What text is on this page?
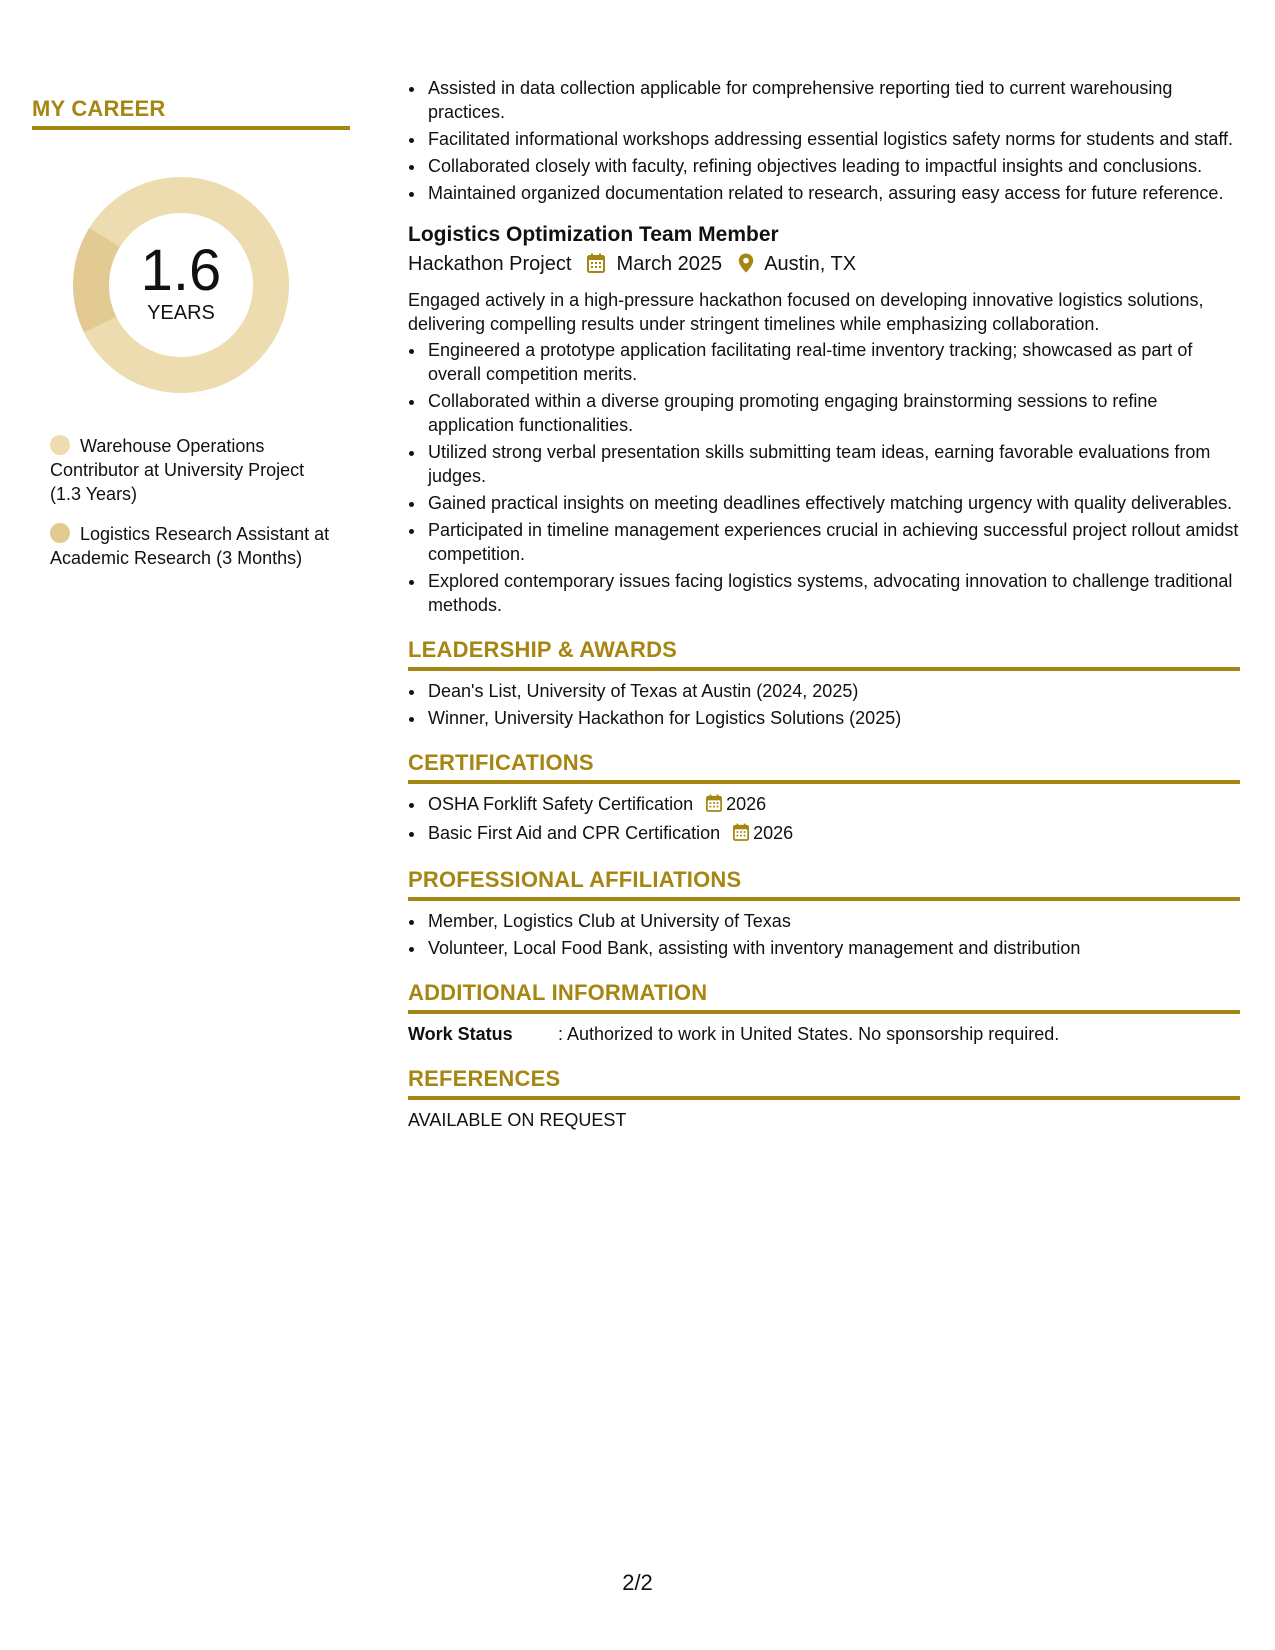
MY CAREER
1.6
YEARS
Warehouse Operations Contributor at University Project (1.3 Years)
Logistics Research Assistant at Academic Research (3 Months)
• Assisted in data collection applicable for comprehensive reporting tied to current warehousing practices.
• Facilitated informational workshops addressing essential logistics safety norms for students and staff.
• Collaborated closely with faculty, refining objectives leading to impactful insights and conclusions.
• Maintained organized documentation related to research, assuring easy access for future reference.
Logistics Optimization Team Member
Hackathon Project March 2025 Austin, TX

Engaged actively in a high-pressure hackathon focused on developing innovative logistics solutions, delivering compelling results under stringent timelines while emphasizing collaboration.

• Engineered a prototype application facilitating real-time inventory tracking; showcased as part of overall competition merits.
• Collaborated within a diverse grouping promoting engaging brainstorming sessions to refine application functionalities.
• Utilized strong verbal presentation skills submitting team ideas, earning favorable evaluations from judges.
• Gained practical insights on meeting deadlines effectively matching urgency with quality deliverables.
• Participated in timeline management experiences crucial in achieving successful project rollout amidst competition.
• Explored contemporary issues facing logistics systems, advocating innovation to challenge traditional methods.
LEADERSHIP & AWARDS
• Dean's List, University of Texas at Austin (2024, 2025)
• Winner, University Hackathon for Logistics Solutions (2025)
CERTIFICATIONS
• OSHA Forklift Safety Certification 2026
• Basic First Aid and CPR Certification 2026
PROFESSIONAL AFFILIATIONS
• Member, Logistics Club at University of Texas
• Volunteer, Local Food Bank, assisting with inventory management and distribution
ADDITIONAL INFORMATION
Work Status	: Authorized to work in United States. No sponsorship required.
REFERENCES
AVAILABLE ON REQUEST
2/2
